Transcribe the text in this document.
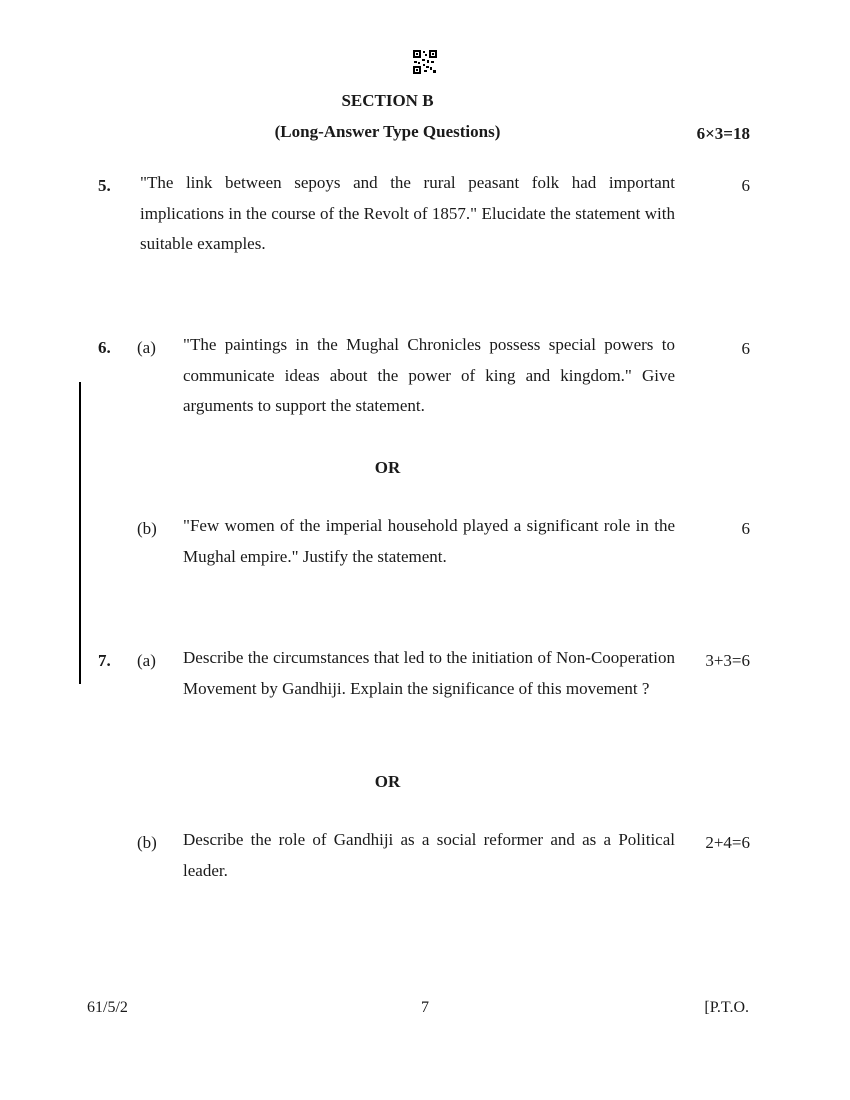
SECTION B
(Long-Answer Type Questions)	6×3=18
5. "The link between sepoys and the rural peasant folk had important implications in the course of the Revolt of 1857." Elucidate the statement with suitable examples.
6
6. (a) "The paintings in the Mughal Chronicles possess special powers to communicate ideas about the power of king and kingdom." Give arguments to support the statement.
6
OR
(b) "Few women of the imperial household played a significant role in the Mughal empire." Justify the statement.
6
7. (a) Describe the circumstances that led to the initiation of Non-Cooperation Movement by Gandhiji. Explain the significance of this movement ?
3+3=6
OR
(b) Describe the role of Gandhiji as a social reformer and as a Political leader.
2+4=6
61/5/2	7	[P.T.O.
